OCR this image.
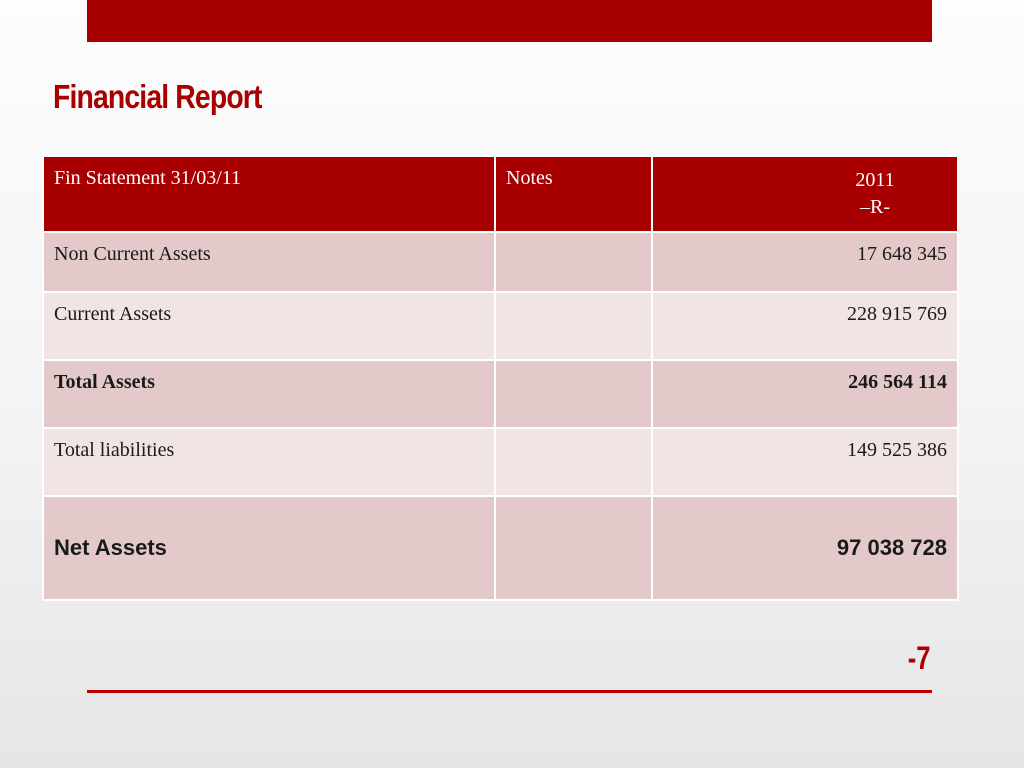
Financial Report
Fin Statement 31/03/11	Notes	2011
–R-

Non Current Assets		17 648 345
Current Assets		228 915 769
Total Assets		246 564 114
Total liabilities		149 525 386
Net Assets		97 038 728
-7
